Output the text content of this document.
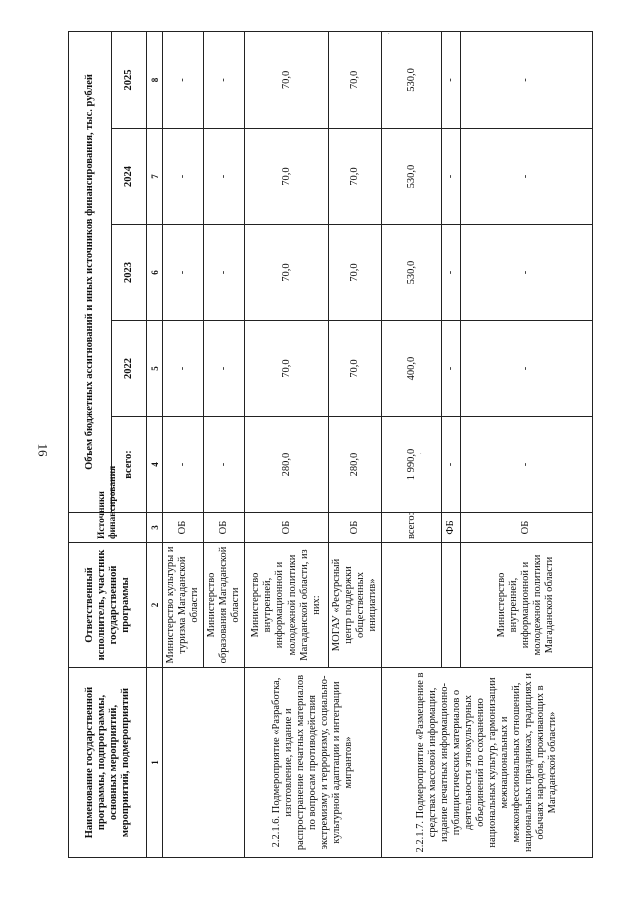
16
.
.
Наименование государственной программы, подпрограммы, основных мероприятий, мероприятий, подмероприятий	Ответственный исполнитель, участник государственной программы	Источники финансирования	Объем бюджетных ассигнований и иных источников финансирования, тыс. рублей				
			всего:	2022	2023	2024	2025
1	2	3	4	5	6	7	8
	Министерство культуры и туризма Магаданской области	ОБ	-	-	-	-	-
	Министерство образования Магаданской области	ОБ	-	-	-	-	-
2.2.1.6. Подмероприятие «Разработка, изготовление, издание и распространение печатных материалов по вопросам противодействия экстремизму и терроризму, социально-культурной адаптации и интеграции мигрантов»	Министерство внутренней, информационной и молодежной политики Магаданской области, из них:	ОБ	280,0	70,0	70,0	70,0	70,0
	МОГАУ «Ресурсный центр поддержки общественных инициатив»	ОБ	280,0	70,0	70,0	70,0	70,0
2.2.1.7. Подмероприятие «Размещение в средствах массовой информации, издание печатных информационно-публицистических материалов о деятельности этнокультурных объединений по сохранению национальных культур, гармонизации межнациональных и межконфессиональных отношений, национальных праздниках, традициях и обычаях народов, проживающих в Магаданской области»		всего:	1 990,0	400,0	530,0	530,0	530,0
		ФБ	-	-	-	-	-
	Министерство внутренней, информационной и молодежной политики Магаданской области	ОБ	-	-	-	-	-
